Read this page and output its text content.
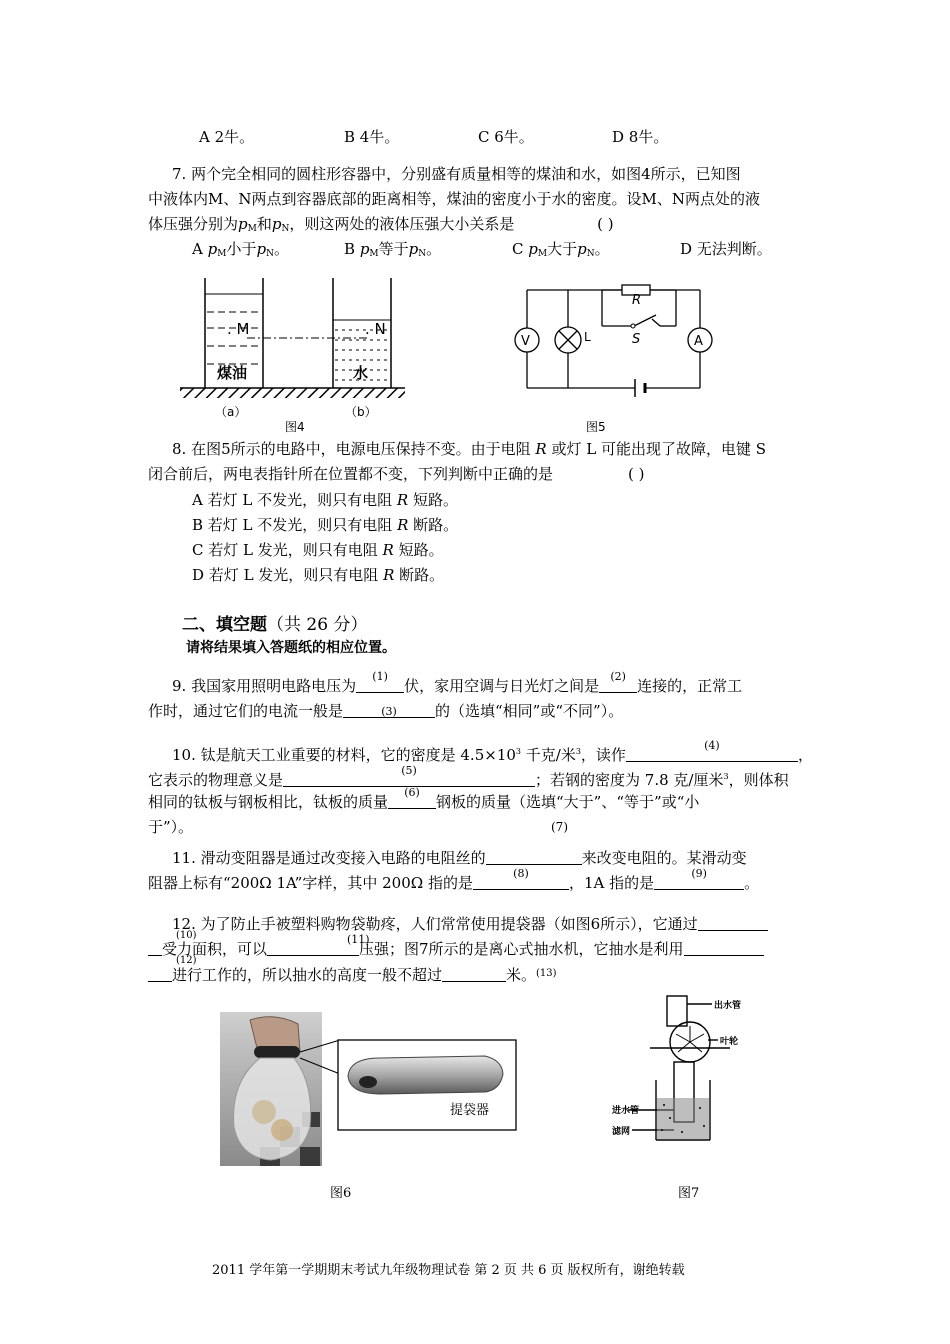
A 2牛。	B 4牛。	C 6牛。	D 8牛。
7. 两个完全相同的圆柱形容器中，分别盛有质量相等的煤油和水，如图4所示，已知图
中液体内M、N两点到容器底部的距离相等，煤油的密度小于水的密度。设M、N两点处的液
体压强分别为$p_M$和$p_N$，则这两处的液体压强大小关系是	( )
A $p_M$小于$p_N$。	B $p_M$等于$p_N$。	C $p_M$大于$p_N$。	D 无法判断。
. M	. N
煤油	水
（a）	（b）
图4
V	L	A
R
S
图5
8. 在图5所示的电路中，电源电压保持不变。由于电阻 R 或灯 L 可能出现了故障，电键 S
闭合前后，两电表指针所在位置都不变，下列判断中正确的是	( )
A 若灯 L 不发光，则只有电阻 R 短路。
B 若灯 L 不发光，则只有电阻 R 断路。
C 若灯 L 发光，则只有电阻 R 短路。
D 若灯 L 发光，则只有电阻 R 断路。
二、填空题（共 26 分）
请将结果填入答题纸的相应位置。
9. 我国家用照明电路电压为
(1)
伏，家用空调与日光灯之间是
(2)
连接的，正常工
作时，通过它们的电流一般是	(3)	的（选填“相同”或“不同”）。
10. 钛是航天工业重要的材料，它的密度是 $4.5\times 10^3$ 千克/米$^3$，读作
(4)
，
它表示的物理意义是
(5)
；若钢的密度为 7.8 克/厘米$^3$，则体积
相同的钛板与钢板相比，钛板的质量
(6)
钢板的质量（选填“大于”、“等于”或“小
于”）。	(7)
11. 滑动变阻器是通过改变接入电路的电阻丝的	来改变电阻的。某滑动变
阻器上标有“200Ω 1A”字样，其中 200Ω 指的是
(8)
，1A 指的是
(9)
。
12. 为了防止手被塑料购物袋勒疼，人们常常使用提袋器（如图6所示），它通过
受力面积，可以
(11)
压强；图7所示的是离心式抽水机，它抽水是利用
(10)
(12)
进行工作的，所以抽水的高度一般不超过	米。$^{(13)}$
提袋器
图6
出水管
叶轮
进水管
滤网
图7
2011 学年第一学期期末考试九年级物理试卷 第 2 页 共 6 页 版权所有，谢绝转载
